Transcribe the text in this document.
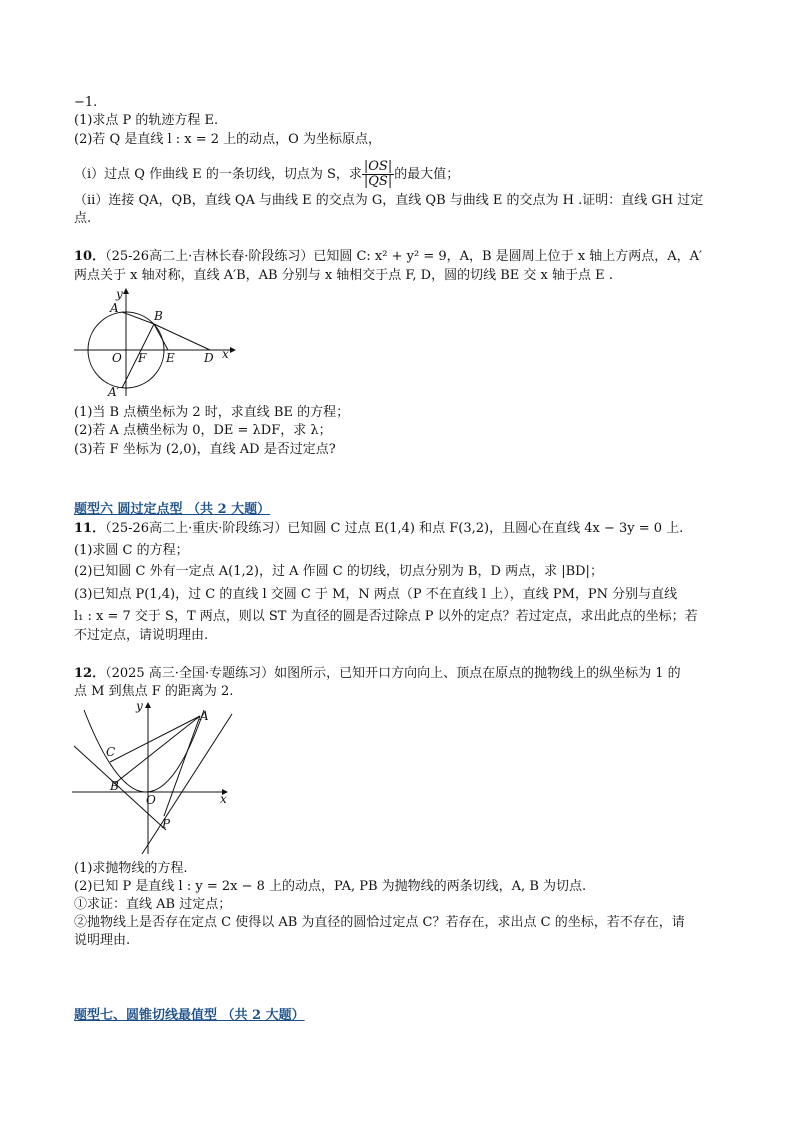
−1.
(1)求点 P 的轨迹方程 E.
(2)若 Q 是直线 l : x = 2 上的动点，O 为坐标原点，
（i）过点 Q 作曲线 E 的一条切线，切点为 S，求 $\frac{|OS|}{|QS|}$ 的最大值；
（ii）连接 QA，QB，直线 QA 与曲线 E 的交点为 G，直线 QB 与曲线 E 的交点为 H .证明：直线 GH 过定
点.
10．（25-26高二上·吉林长春·阶段练习）已知圆 C: x² + y² = 9，A，B 是圆周上位于 x 轴上方两点，A，A′
两点关于 x 轴对称，直线 A′B，AB 分别与 x 轴相交于点 F, D，圆的切线 BE 交 x 轴于点 E .
y
A
B
O F E D x
A′
(1)当 B 点横坐标为 2 时，求直线 BE 的方程；
(2)若 A 点横坐标为 0，DE = λDF，求 λ；
(3)若 F 坐标为 (2,0)，直线 AD 是否过定点?
题型六 圆过定点型 （共 2 大题）
11．（25-26高二上·重庆·阶段练习）已知圆 C 过点 E(1,4) 和点 F(3,2)，且圆心在直线 4x − 3y = 0 上.
(1)求圆 C 的方程；
(2)已知圆 C 外有一定点 A(1,2)，过 A 作圆 C 的切线，切点分别为 B，D 两点，求 |BD|；
(3)已知点 P(1,4)，过 C 的直线 l 交圆 C 于 M，N 两点（P 不在直线 l 上），直线 PM，PN 分别与直线
l₁ : x = 7 交于 S，T 两点，则以 ST 为直径的圆是否过除点 P 以外的定点？若过定点，求出此点的坐标；若
不过定点，请说明理由.
12．（2025 高三·全国·专题练习）如图所示，已知开口方向向上、顶点在原点的抛物线上的纵坐标为 1 的
点 M 到焦点 F 的距离为 2.
y
A
C
B
O	x
P
(1)求抛物线的方程.
(2)已知 P 是直线 l : y = 2x − 8 上的动点，PA, PB 为抛物线的两条切线，A, B 为切点.
①求证：直线 AB 过定点；
②抛物线上是否存在定点 C 使得以 AB 为直径的圆恰过定点 C？若存在，求出点 C 的坐标，若不存在，请
说明理由.
题型七、圆锥切线最值型 （共 2 大题）
